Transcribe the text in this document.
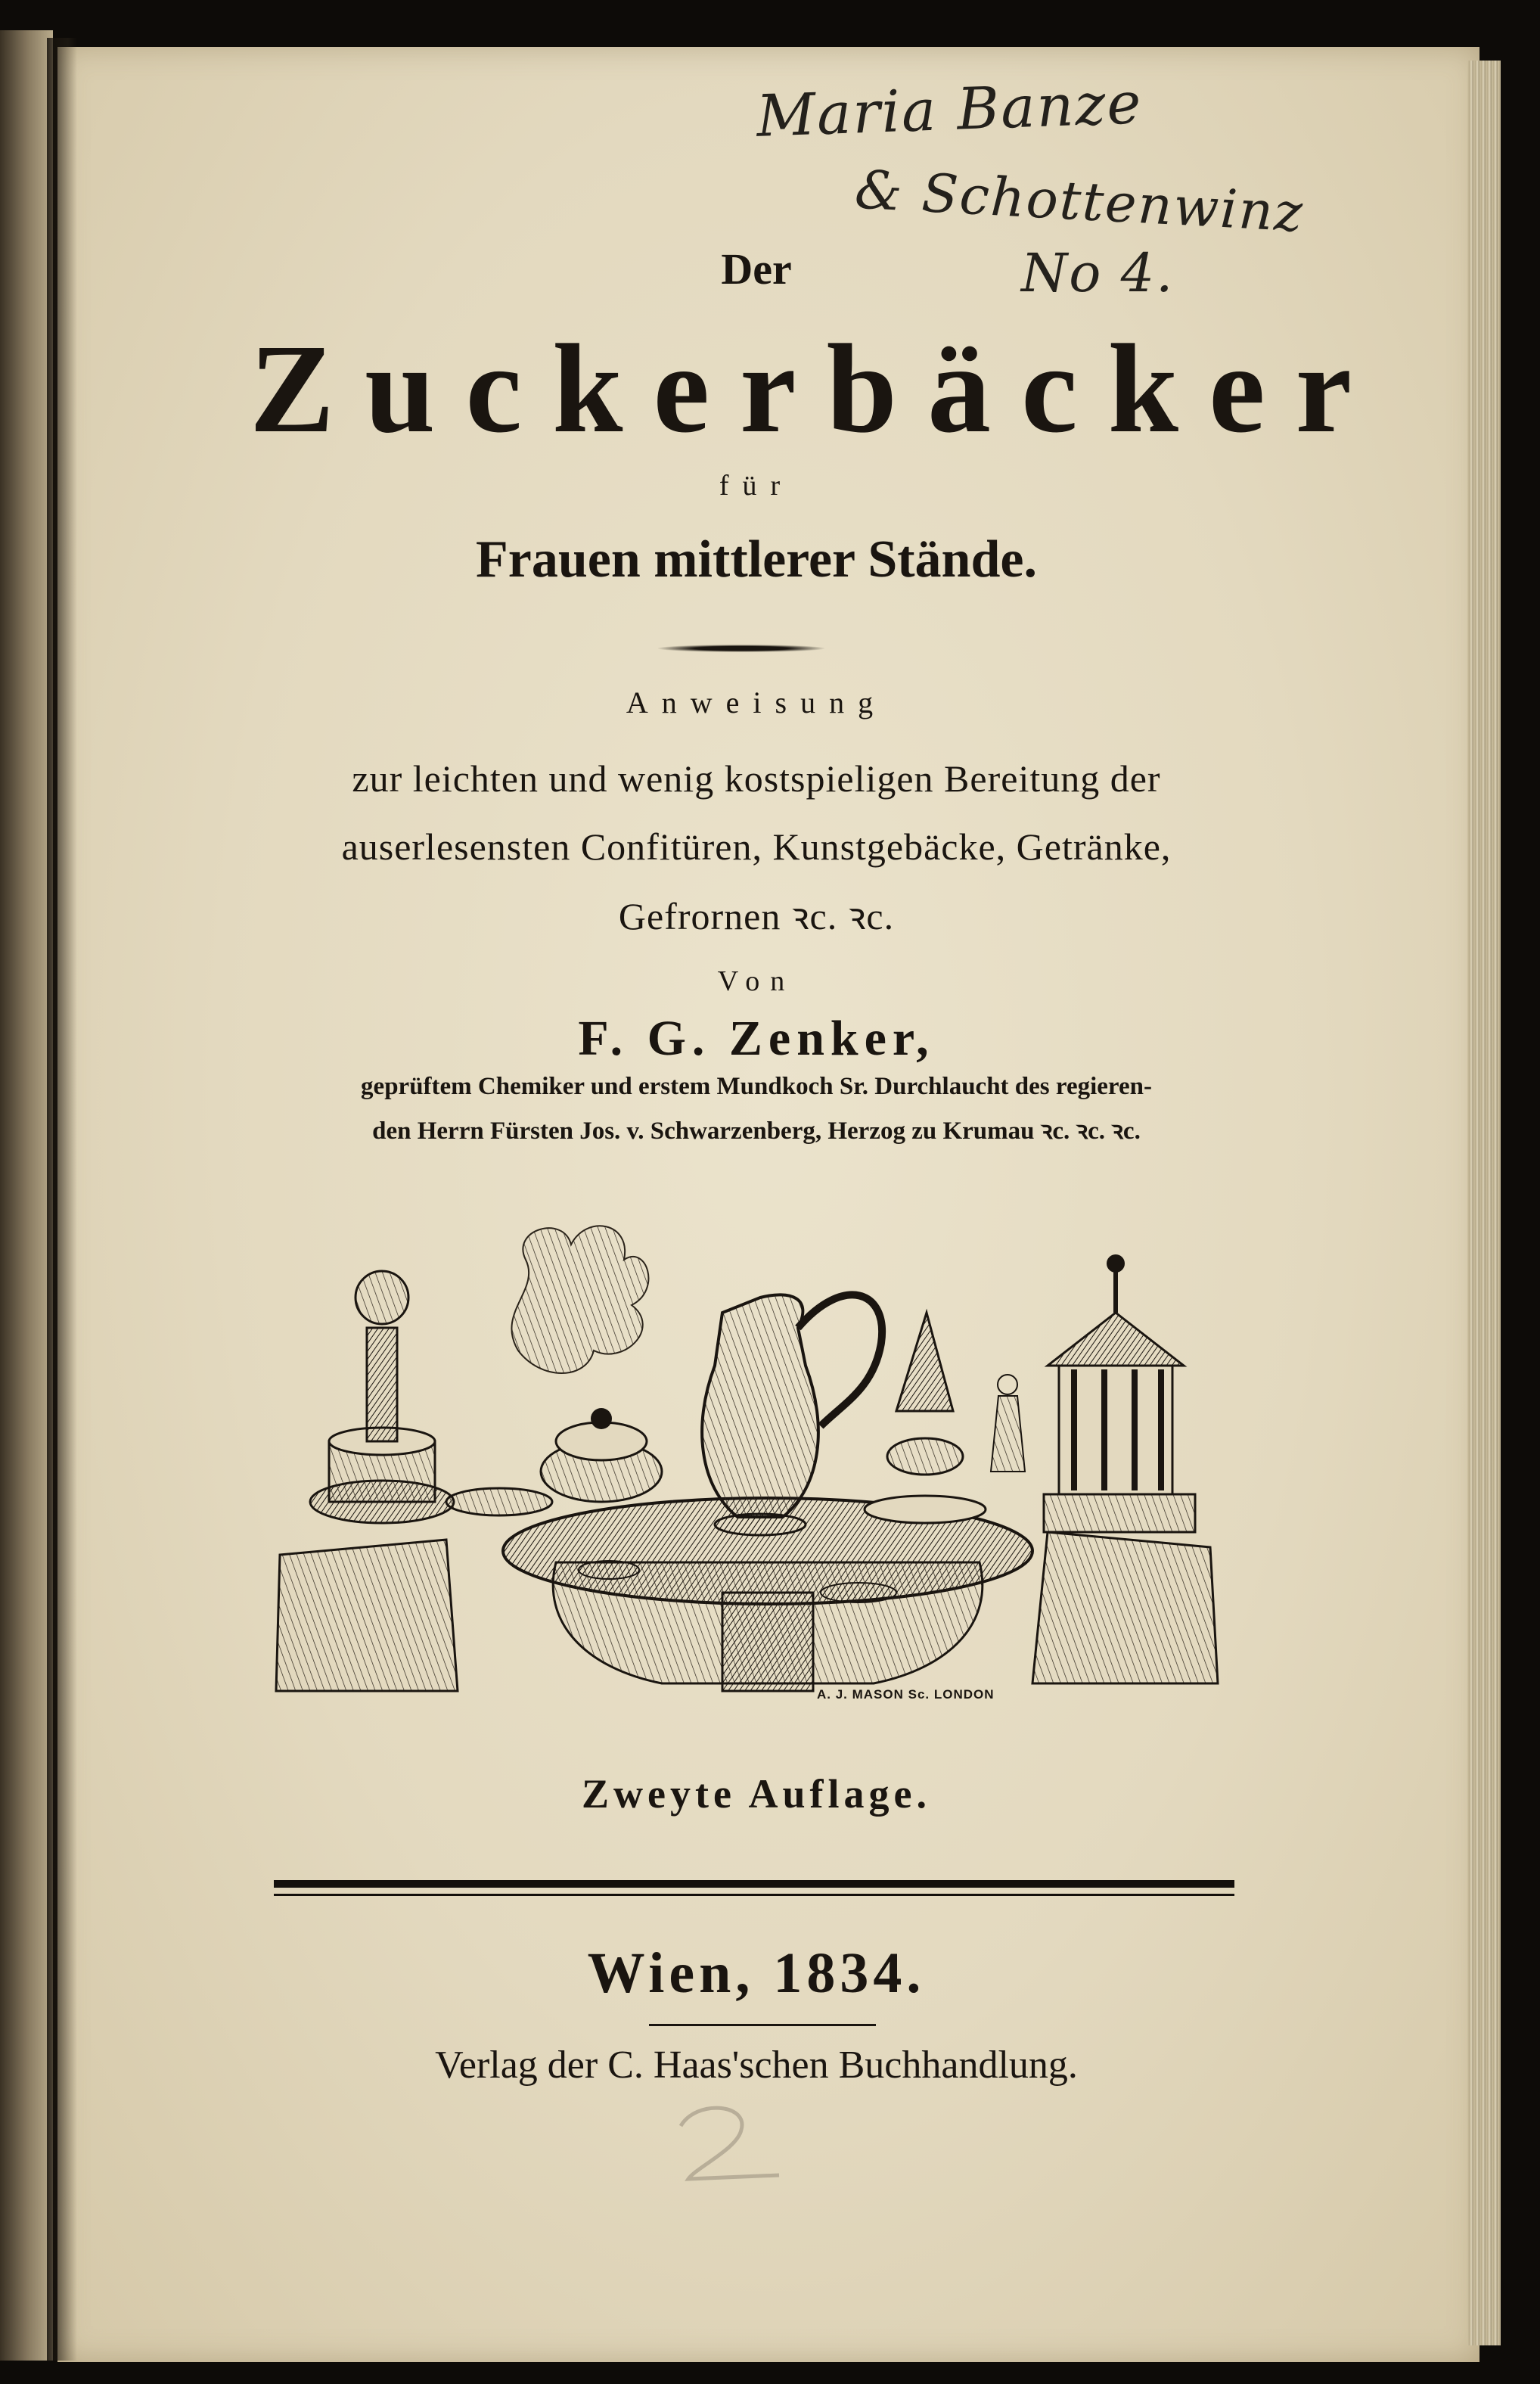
Maria Banze
& Schottenwinz
No 4.
Der
Zuckerbäcker
für
Frauen mittlerer Stände.
Anweisung
zur leichten und wenig kostspieligen Bereitung der
auserlesensten Confitüren, Kunstgebäcke, Getränke,
Gefrornen ꝛc. ꝛc.
Von
F. G. Zenker,
geprüftem Chemiker und erstem Mundkoch Sr. Durchlaucht des regieren-
den Herrn Fürsten Jos. v. Schwarzenberg, Herzog zu Krumau ꝛc. ꝛc. ꝛc.
A. J. MASON Sc. LONDON
Zweyte Auflage.
Wien, 1834.
Verlag der C. Haas'schen Buchhandlung.
